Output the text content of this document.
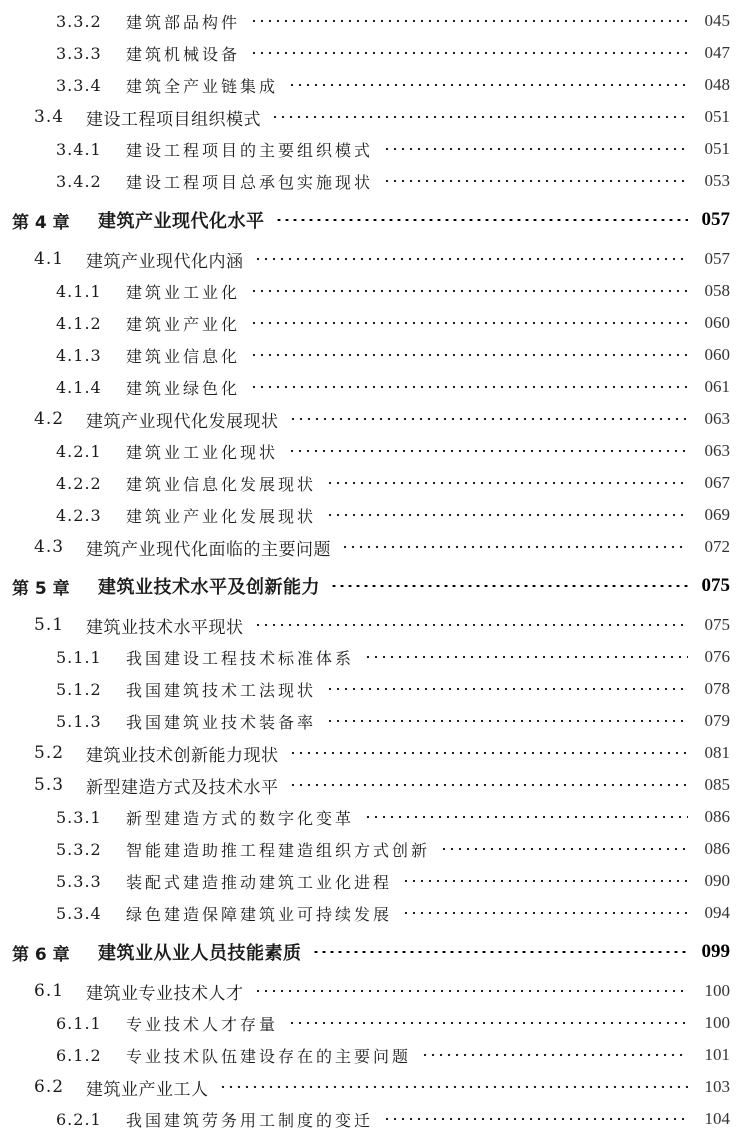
3.3.2	建筑部品构件	045
3.3.3	建筑机械设备	047
3.3.4	建筑全产业链集成	048
3.4	建设工程项目组织模式	051
3.4.1	建设工程项目的主要组织模式	051
3.4.2	建设工程项目总承包实施现状	053
第 4 章	建筑产业现代化水平	057
4.1	建筑产业现代化内涵	057
4.1.1	建筑业工业化	058
4.1.2	建筑业产业化	060
4.1.3	建筑业信息化	060
4.1.4	建筑业绿色化	061
4.2	建筑产业现代化发展现状	063
4.2.1	建筑业工业化现状	063
4.2.2	建筑业信息化发展现状	067
4.2.3	建筑业产业化发展现状	069
4.3	建筑产业现代化面临的主要问题	072
第 5 章	建筑业技术水平及创新能力	075
5.1	建筑业技术水平现状	075
5.1.1	我国建设工程技术标准体系	076
5.1.2	我国建筑技术工法现状	078
5.1.3	我国建筑业技术装备率	079
5.2	建筑业技术创新能力现状	081
5.3	新型建造方式及技术水平	085
5.3.1	新型建造方式的数字化变革	086
5.3.2	智能建造助推工程建造组织方式创新	086
5.3.3	装配式建造推动建筑工业化进程	090
5.3.4	绿色建造保障建筑业可持续发展	094
第 6 章	建筑业从业人员技能素质	099
6.1	建筑业专业技术人才	100
6.1.1	专业技术人才存量	100
6.1.2	专业技术队伍建设存在的主要问题	101
6.2	建筑业产业工人	103
6.2.1	我国建筑劳务用工制度的变迁	104
